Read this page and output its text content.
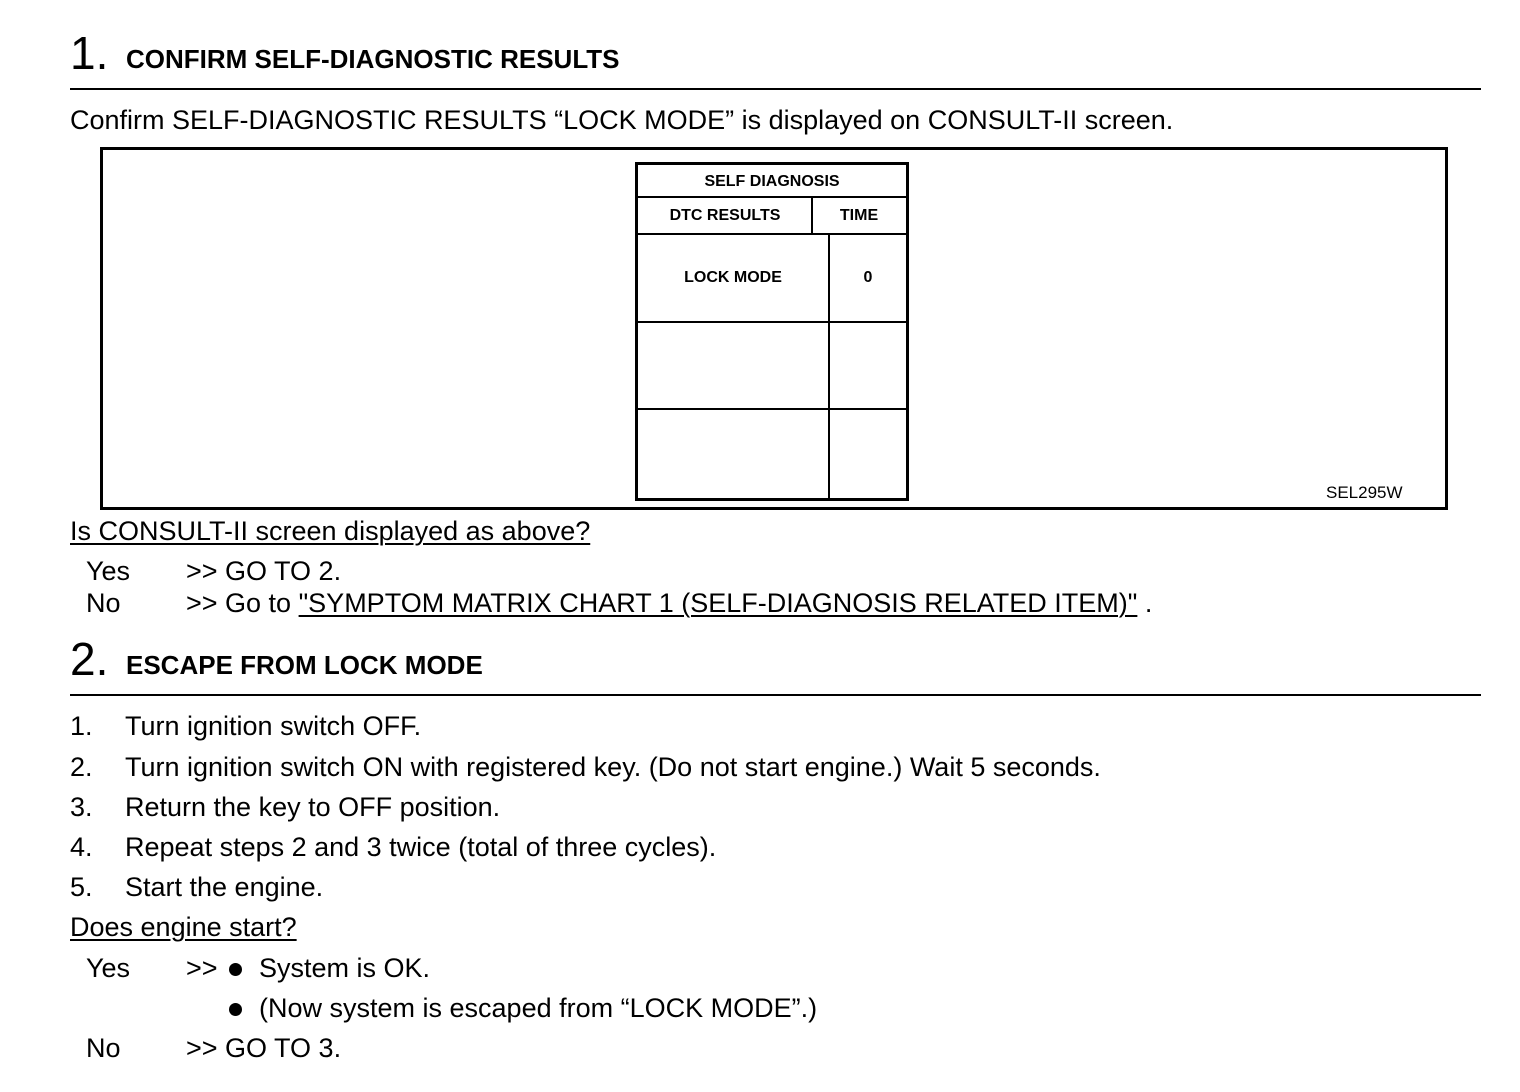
1. CONFIRM SELF-DIAGNOSTIC RESULTS
Confirm SELF-DIAGNOSTIC RESULTS “LOCK MODE” is displayed on CONSULT-II screen.
SELF DIAGNOSIS
DTC RESULTS	TIME
LOCK MODE	0
SEL295W
Is CONSULT-II screen displayed as above?
Yes >> GO TO 2.
No >> Go to "SYMPTOM MATRIX CHART 1 (SELF-DIAGNOSIS RELATED ITEM)" .
2. ESCAPE FROM LOCK MODE
1. Turn ignition switch OFF.
2. Turn ignition switch ON with registered key. (Do not start engine.) Wait 5 seconds.
3. Return the key to OFF position.
4. Repeat steps 2 and 3 twice (total of three cycles).
5. Start the engine.
Does engine start?
Yes >> System is OK.
(Now system is escaped from “LOCK MODE”.)
No >> GO TO 3.
